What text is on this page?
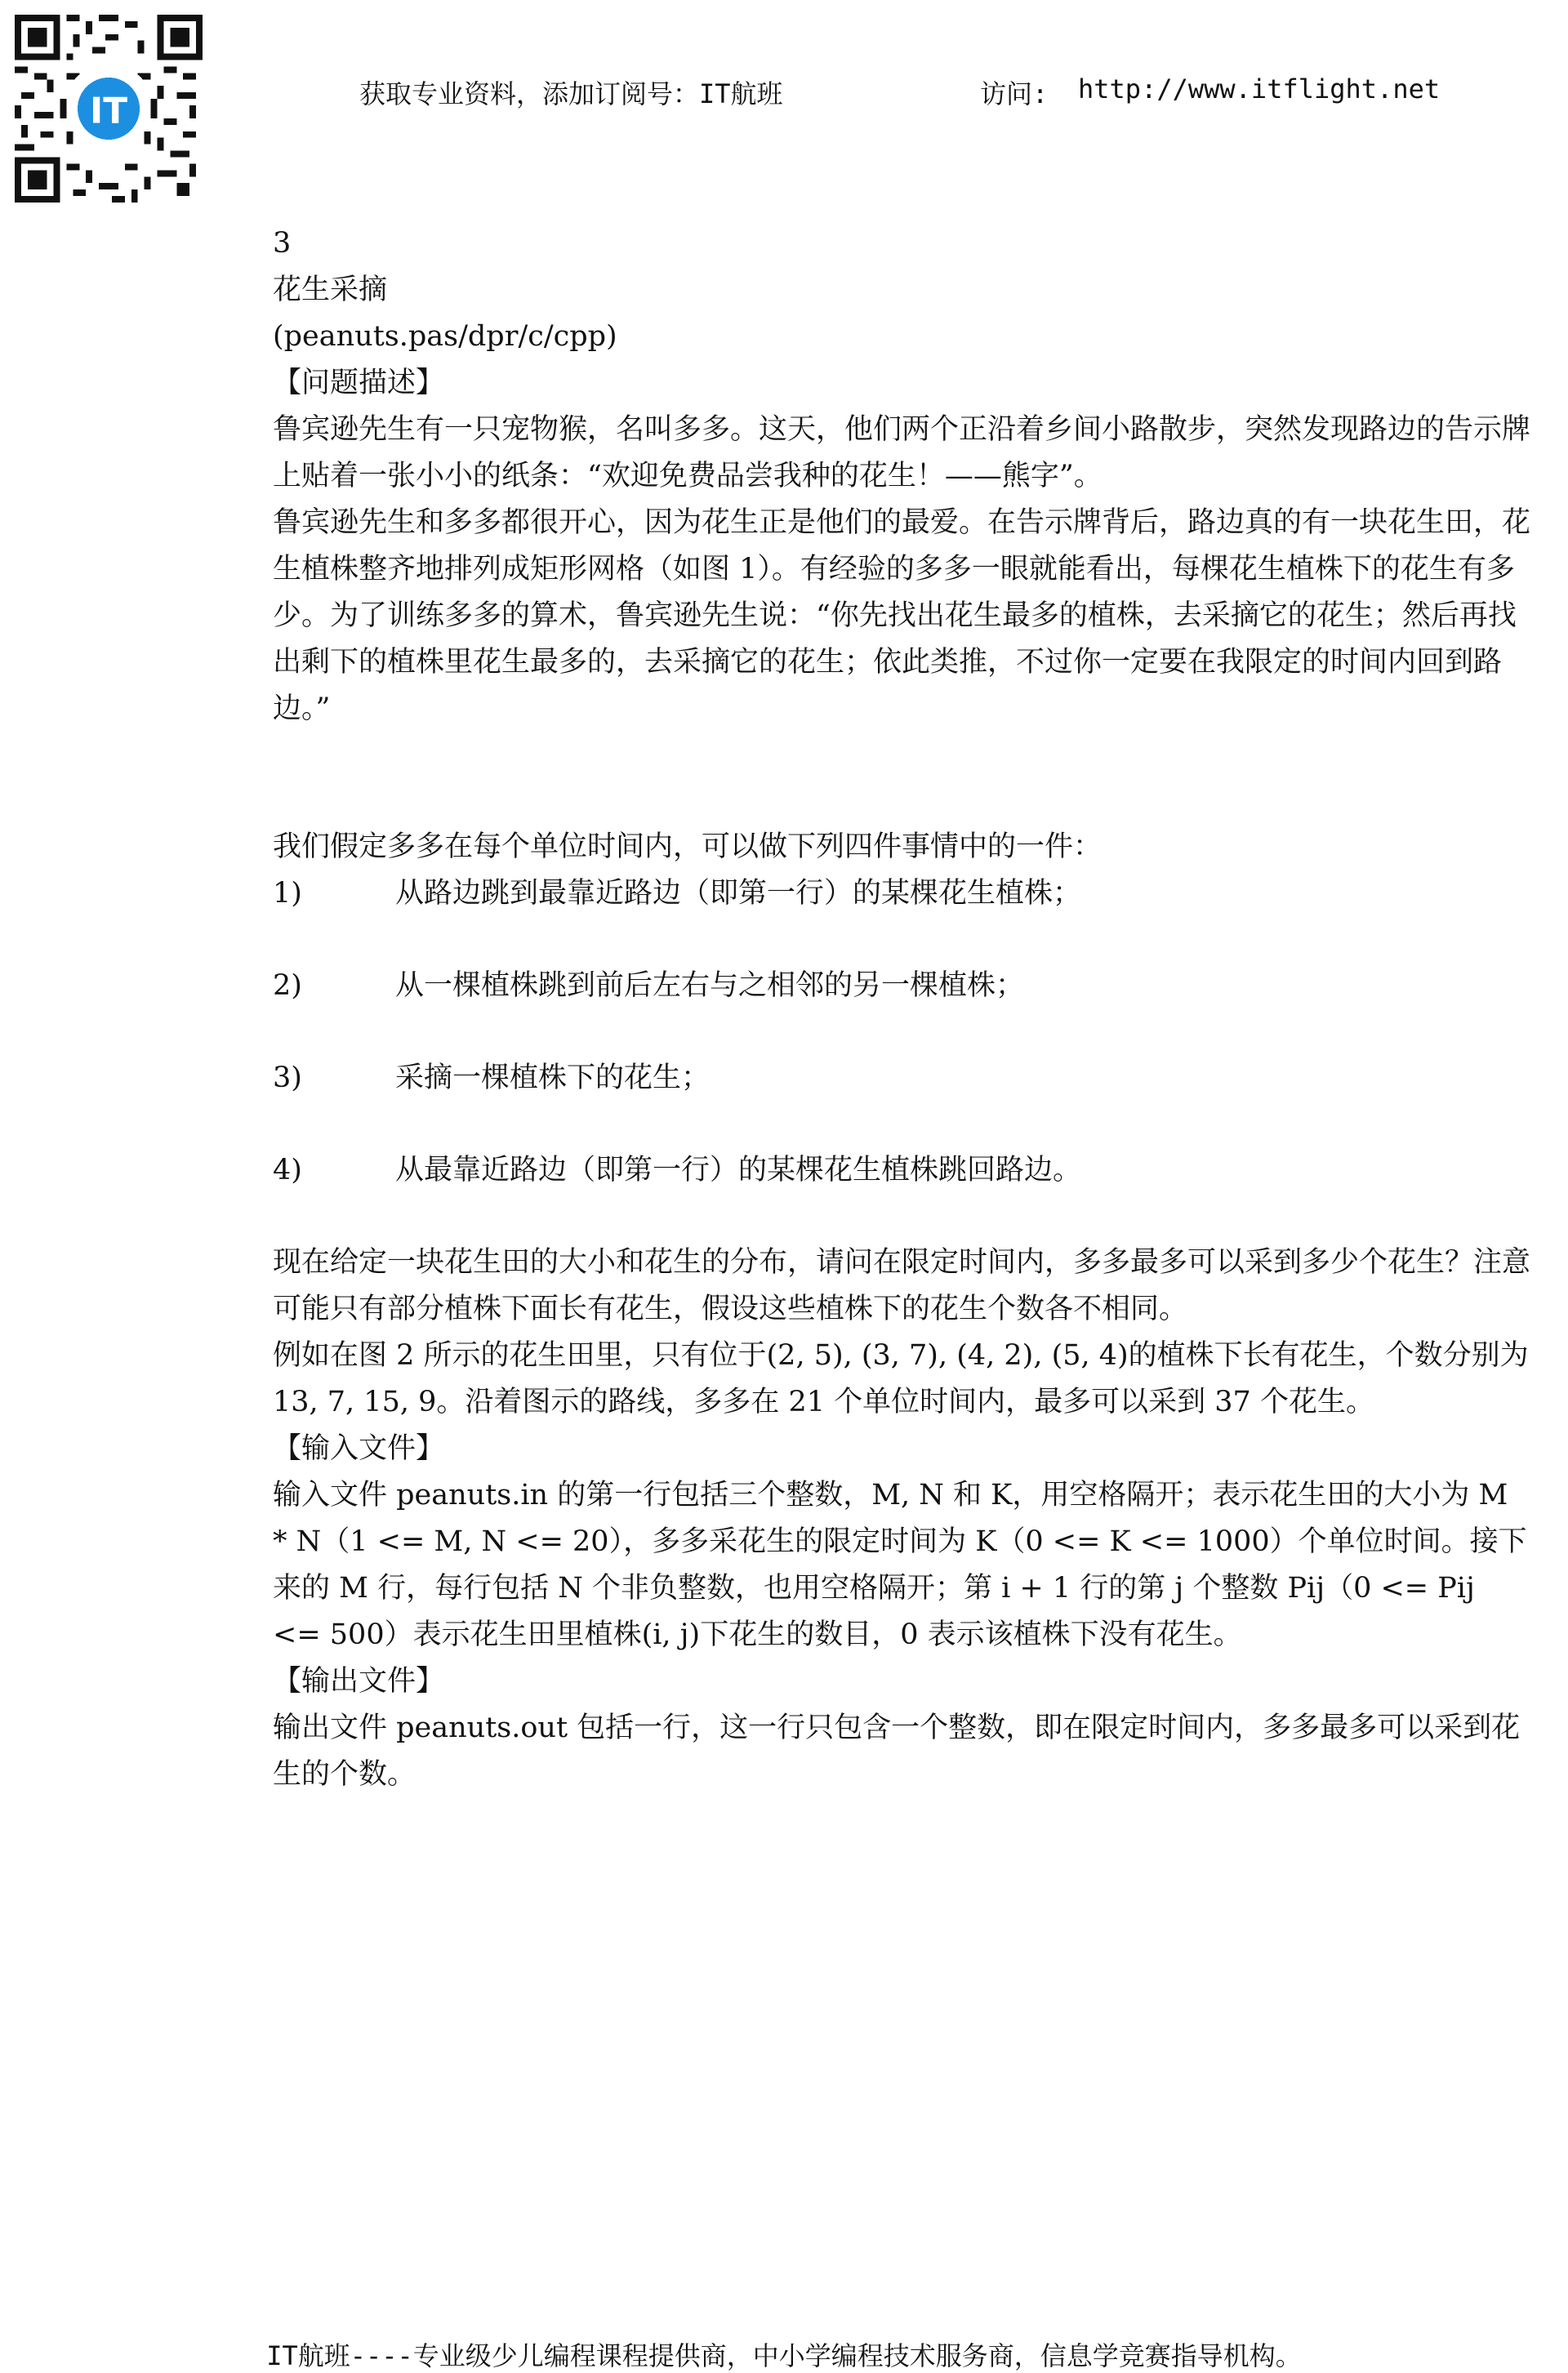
IT	获取专业资料，添加订阅号：IT航班	访问: http://www.itflight.net

3

花生采摘

(peanuts.pas/dpr/c/cpp)

【问题描述】

鲁宾逊先生有一只宠物猴，名叫多多。这天，他们两个正沿着乡间小路散步，突然发现路边的告示牌上贴着一张小小的纸条：“欢迎免费品尝我种的花生！——熊字”。

鲁宾逊先生和多多都很开心，因为花生正是他们的最爱。在告示牌背后，路边真的有一块花生田，花生植株整齐地排列成矩形网格（如图 1）。有经验的多多一眼就能看出，每棵花生植株下的花生有多少。为了训练多多的算术，鲁宾逊先生说：“你先找出花生最多的植株，去采摘它的花生；然后再找出剩下的植株里花生最多的，去采摘它的花生；依此类推，不过你一定要在我限定的时间内回到路边。”

我们假定多多在每个单位时间内，可以做下列四件事情中的一件：

1)	从路边跳到最靠近路边（即第一行）的某棵花生植株；
2)	从一棵植株跳到前后左右与之相邻的另一棵植株；
3)	采摘一棵植株下的花生；
4)	从最靠近路边（即第一行）的某棵花生植株跳回路边。

现在给定一块花生田的大小和花生的分布，请问在限定时间内，多多最多可以采到多少个花生？注意可能只有部分植株下面长有花生，假设这些植株下的花生个数各不相同。

例如在图 2 所示的花生田里，只有位于(2, 5), (3, 7), (4, 2), (5, 4)的植株下长有花生，个数分别为 13, 7, 15, 9。沿着图示的路线，多多在 21 个单位时间内，最多可以采到 37 个花生。

【输入文件】

输入文件 peanuts.in 的第一行包括三个整数，M, N 和 K，用空格隔开；表示花生田的大小为 M * N（1 <= M, N <= 20），多多采花生的限定时间为 K（0 <= K <= 1000）个单位时间。接下来的 M 行，每行包括 N 个非负整数，也用空格隔开；第 i + 1 行的第 j 个整数 Pij（0 <= Pij <= 500）表示花生田里植株(i, j)下花生的数目，0 表示该植株下没有花生。

【输出文件】

输出文件 peanuts.out 包括一行，这一行只包含一个整数，即在限定时间内，多多最多可以采到花生的个数。

IT航班----专业级少儿编程课程提供商，中小学编程技术服务商，信息学竞赛指导机构。
